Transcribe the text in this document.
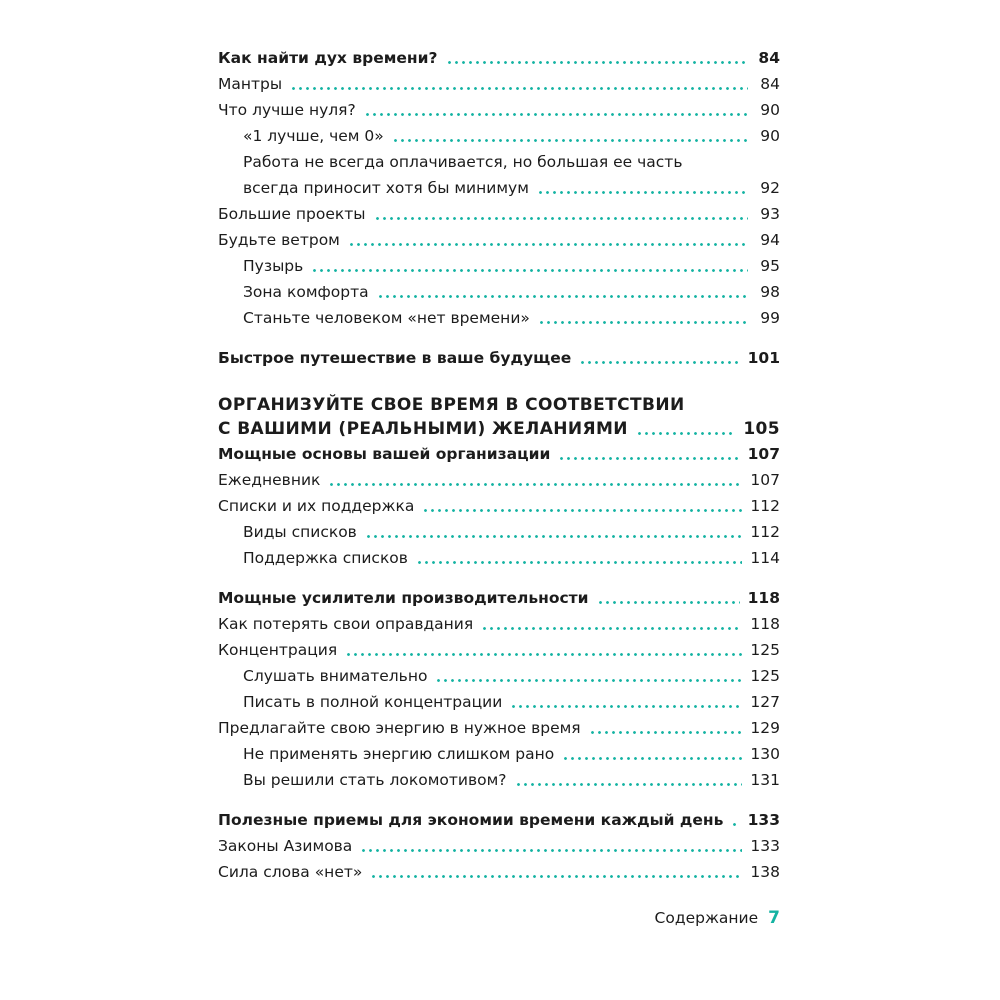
Как найти дух времени?	84
Мантры	84
Что лучше нуля?	90
«1 лучше, чем 0»	90
Работа не всегда оплачивается, но большая ее часть
всегда приносит хотя бы минимум	92
Большие проекты	93
Будьте ветром	94
Пузырь	95
Зона комфорта	98
Станьте человеком «нет времени»	99
Быстрое путешествие в ваше будущее	101
ОРГАНИЗУЙТЕ СВОЕ ВРЕМЯ В СООТВЕТСТВИИ
С ВАШИМИ (РЕАЛЬНЫМИ) ЖЕЛАНИЯМИ	105
Мощные основы вашей организации	107
Ежедневник	107
Списки и их поддержка	112
Виды списков	112
Поддержка списков	114
Мощные усилители производительности	118
Как потерять свои оправдания	118
Концентрация	125
Слушать внимательно	125
Писать в полной концентрации	127
Предлагайте свою энергию в нужное время	129
Не применять энергию слишком рано	130
Вы решили стать локомотивом?	131
Полезные приемы для экономии времени каждый день 133
Законы Азимова	133
Сила слова «нет»	138
Содержание 7
